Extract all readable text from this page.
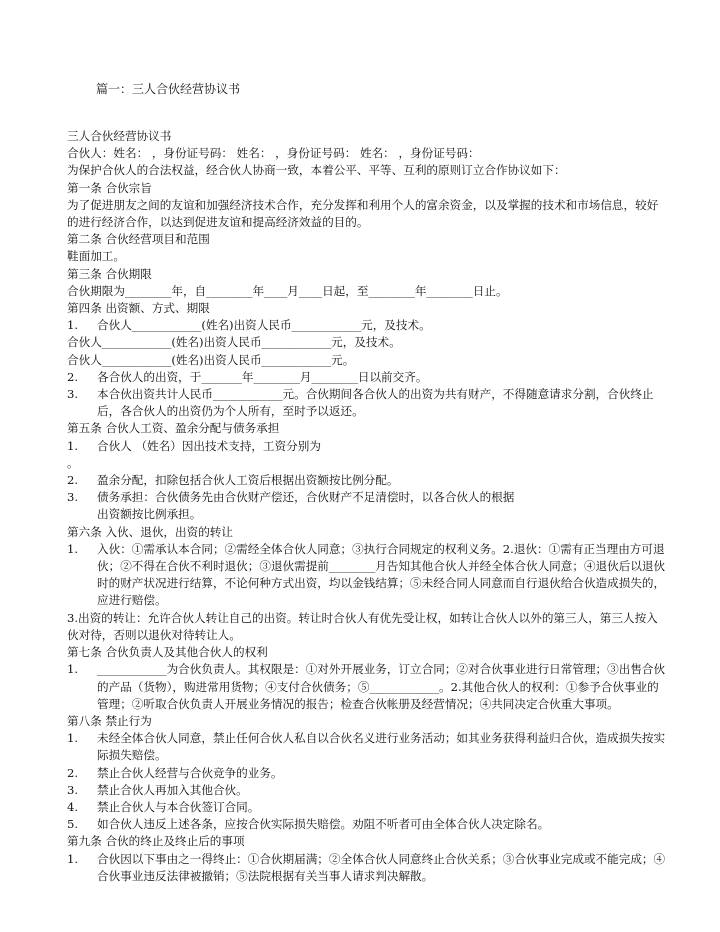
篇一：三人合伙经营协议书
三人合伙经营协议书
合伙人：姓名： ，身份证号码： 姓名： ，身份证号码： 姓名： ，身份证号码：
为保护合伙人的合法权益，经合伙人协商一致，本着公平、平等、互利的原则订立合作协议如下：
第一条 合伙宗旨
为了促进朋友之间的友谊和加强经济技术合作，充分发挥和利用个人的富余资金，以及掌握的技术和市场信息，较好的进行经济合作，以达到促进友谊和提高经济效益的目的。
第二条 合伙经营项目和范围
鞋面加工。
第三条 合伙期限
合伙期限为________年，自________年____月____日起，至________年________日止。
第四条 出资额、方式、期限
1.	合伙人____________(姓名)出资人民币____________元，及技术。
合伙人____________(姓名)出资人民币____________元，及技术。
合伙人____________(姓名)出资人民币____________元。
2.	各合伙人的出资，于_______年________月________日以前交齐。
3.	本合伙出资共计人民币____________元。合伙期间各合伙人的出资为共有财产，不得随意请求分割，合伙终止后，各合伙人的出资仍为个人所有，至时予以返还。
第五条 合伙人工资、盈余分配与债务承担
1.	合伙人 （姓名）因出技术支持，工资分别为
。
2.	盈余分配，扣除包括合伙人工资后根据出资额按比例分配。
3.	债务承担：合伙债务先由合伙财产偿还，合伙财产不足清偿时，以各合伙人的根据出资额按比例承担。
第六条 入伙、退伙，出资的转让
1.	入伙：①需承认本合同；②需经全体合伙人同意；③执行合同规定的权利义务。2.退伙：①需有正当理由方可退伙；②不得在合伙不利时退伙；③退伙需提前________月告知其他合伙人并经全体合伙人同意；④退伙后以退伙时的财产状况进行结算，不论何种方式出资，均以金钱结算；⑤未经合同人同意而自行退伙给合伙造成损失的，应进行赔偿。
3.出资的转让：允许合伙人转让自己的出资。转让时合伙人有优先受让权，如转让合伙人以外的第三人，第三人按入伙对待，否则以退伙对待转让人。
第七条 合伙负责人及其他合伙人的权利
1.	____________为合伙负责人。其权限是：①对外开展业务，订立合同；②对合伙事业进行日常管理；③出售合伙的产品（货物），购进常用货物；④支付合伙债务；⑤____________。2.其他合伙人的权利：①参予合伙事业的管理；②听取合伙负责人开展业务情况的报告；检查合伙帐册及经营情况；④共同决定合伙重大事项。
第八条 禁止行为
1.	未经全体合伙人同意，禁止任何合伙人私自以合伙名义进行业务活动；如其业务获得利益归合伙，造成损失按实际损失赔偿。
2.	禁止合伙人经营与合伙竞争的业务。
3.	禁止合伙人再加入其他合伙。
4.	禁止合伙人与本合伙签订合同。
5.	如合伙人违反上述各条，应按合伙实际损失赔偿。劝阻不听者可由全体合伙人决定除名。
第九条 合伙的终止及终止后的事项
1.	合伙因以下事由之一得终止：①合伙期届满；②全体合伙人同意终止合伙关系；③合伙事业完成或不能完成；④合伙事业违反法律被撤销；⑤法院根据有关当事人请求判决解散。
